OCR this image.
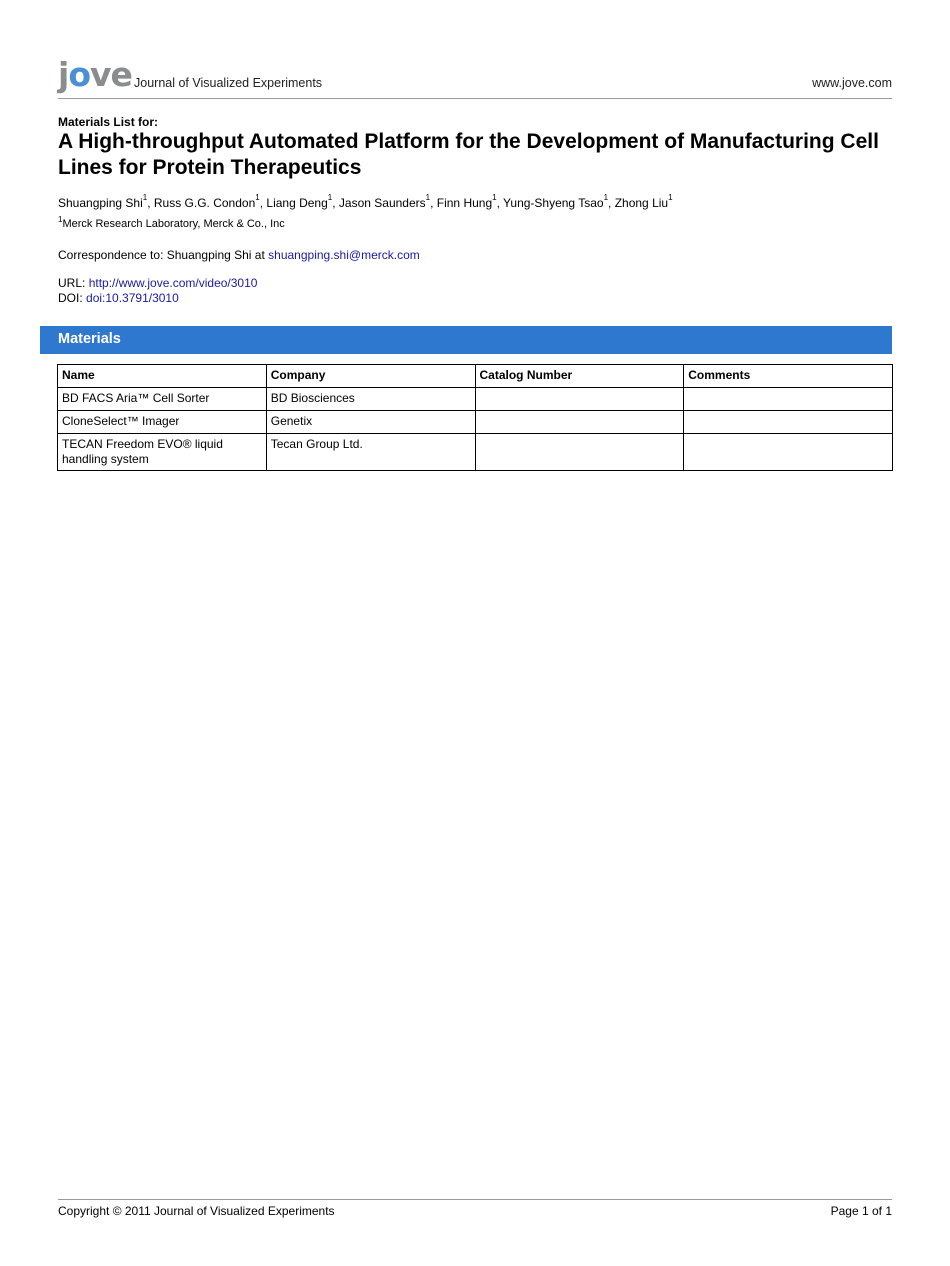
jove Journal of Visualized Experiments	www.jove.com
Materials List for:
A High-throughput Automated Platform for the Development of Manufacturing Cell Lines for Protein Therapeutics
Shuangping Shi$^1$, Russ G.G. Condon$^1$, Liang Deng$^1$, Jason Saunders$^1$, Finn Hung$^1$, Yung-Shyeng Tsao$^1$, Zhong Liu$^1$
$^1$Merck Research Laboratory, Merck & Co., Inc
Correspondence to: Shuangping Shi at shuangping.shi@merck.com
URL: http://www.jove.com/video/3010
DOI: doi:10.3791/3010
Materials
Name	Company	Catalog Number	Comments
BD FACS Aria™ Cell Sorter	BD Biosciences		
CloneSelect™ Imager	Genetix		
TECAN Freedom EVO® liquid handling system	Tecan Group Ltd.		
Copyright © 2011 Journal of Visualized Experiments	Page 1 of 1
